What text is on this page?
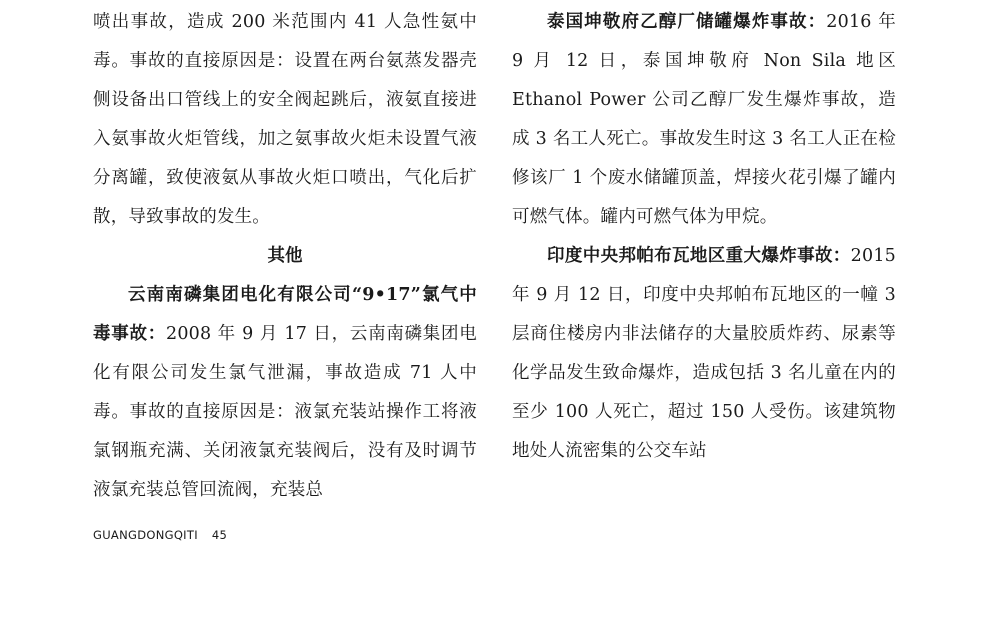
喷出事故，造成 200 米范围内 41 人急性氨中毒。事故的直接原因是：设置在两台氨蒸发器壳侧设备出口管线上的安全阀起跳后，液氨直接进入氨事故火炬管线，加之氨事故火炬未设置气液分离罐，致使液氨从事故火炬口喷出，气化后扩散，导致事故的发生。

其他

云南南磷集团电化有限公司“9•17”氯气中毒事故：2008 年 9 月 17 日，云南南磷集团电化有限公司发生氯气泄漏，事故造成 71 人中毒。事故的直接原因是：液氯充装站操作工将液氯钢瓶充满、关闭液氯充装阀后，没有及时调节液氯充装总管回流阀，充装总

泰国坤敬府乙醇厂储罐爆炸事故：2016 年 9 月 12 日，泰国坤敬府 Non Sila 地区 Ethanol Power 公司乙醇厂发生爆炸事故，造成 3 名工人死亡。事故发生时这 3 名工人正在检修该厂 1 个废水储罐顶盖，焊接火花引爆了罐内可燃气体。罐内可燃气体为甲烷。

印度中央邦帕布瓦地区重大爆炸事故：2015 年 9 月 12 日，印度中央邦帕布瓦地区的一幢 3 层商住楼房内非法储存的大量胶质炸药、尿素等化学品发生致命爆炸，造成包括 3 名儿童在内的至少 100 人死亡，超过 150 人受伤。该建筑物地处人流密集的公交车站

GUANGDONGQITI 45
